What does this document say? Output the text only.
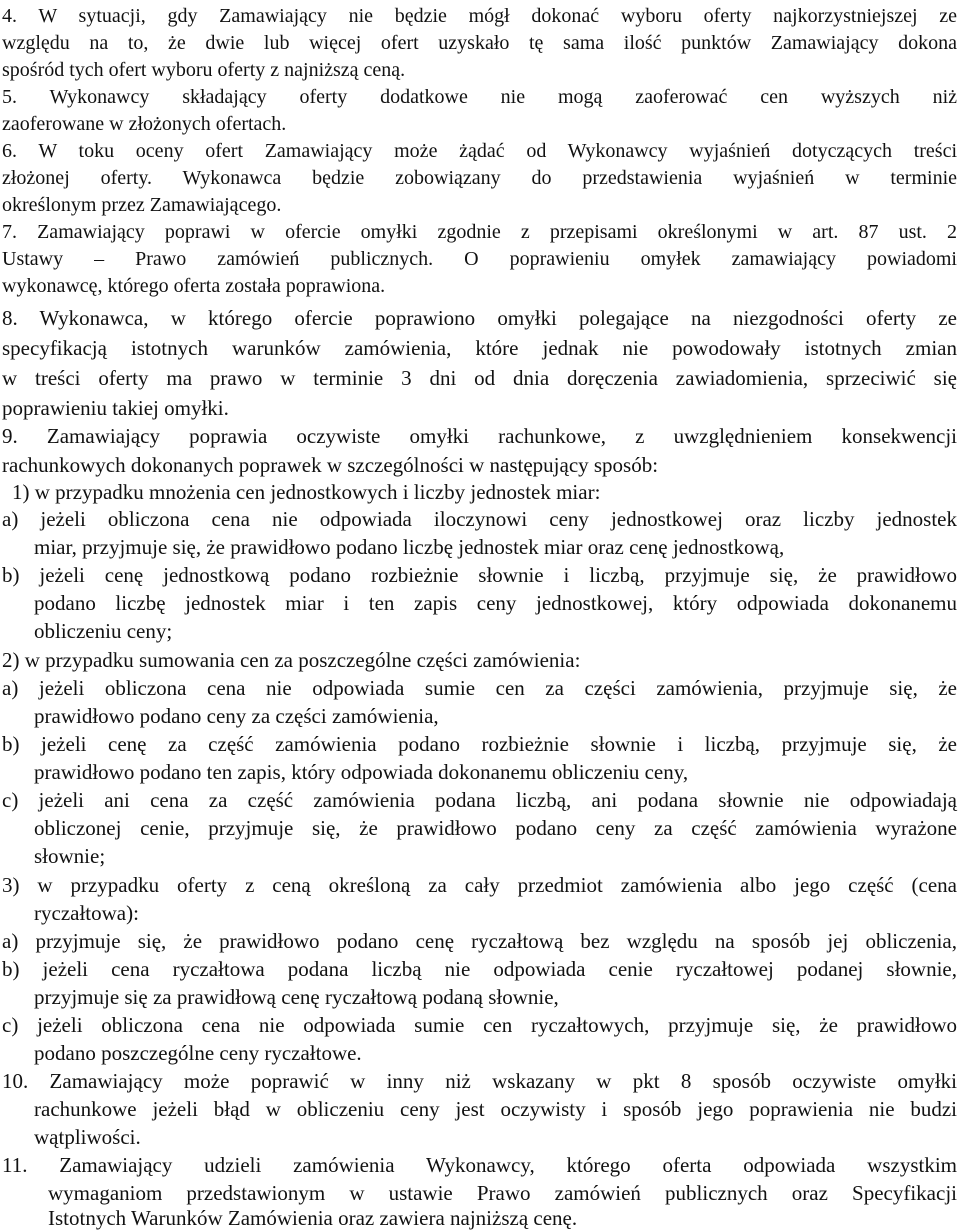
4. W sytuacji, gdy Zamawiający nie będzie mógł dokonać wyboru oferty najkorzystniejszej ze
względu na to, że dwie lub więcej ofert uzyskało tę sama ilość punktów Zamawiający dokona
spośród tych ofert wyboru oferty z najniższą ceną.
5. Wykonawcy składający oferty dodatkowe nie mogą zaoferować cen wyższych niż
zaoferowane w złożonych ofertach.
6. W toku oceny ofert Zamawiający może żądać od Wykonawcy wyjaśnień dotyczących treści
złożonej oferty. Wykonawca będzie zobowiązany do przedstawienia wyjaśnień w terminie
określonym przez Zamawiającego.
7. Zamawiający poprawi w ofercie omyłki zgodnie z przepisami określonymi w art. 87 ust. 2
Ustawy – Prawo zamówień publicznych. O poprawieniu omyłek zamawiający powiadomi
wykonawcę, którego oferta została poprawiona.
8. Wykonawca, w którego ofercie poprawiono omyłki polegające na niezgodności oferty ze
specyfikacją istotnych warunków zamówienia, które jednak nie powodowały istotnych zmian
w treści oferty ma prawo w terminie 3 dni od dnia doręczenia zawiadomienia, sprzeciwić się
poprawieniu takiej omyłki.
9. Zamawiający poprawia oczywiste omyłki rachunkowe, z uwzględnieniem konsekwencji
rachunkowych dokonanych poprawek w szczególności w następujący sposób:
1) w przypadku mnożenia cen jednostkowych i liczby jednostek miar:
a) jeżeli obliczona cena nie odpowiada iloczynowi ceny jednostkowej oraz liczby jednostek
miar, przyjmuje się, że prawidłowo podano liczbę jednostek miar oraz cenę jednostkową,
b) jeżeli cenę jednostkową podano rozbieżnie słownie i liczbą, przyjmuje się, że prawidłowo
podano liczbę jednostek miar i ten zapis ceny jednostkowej, który odpowiada dokonanemu
obliczeniu ceny;
2) w przypadku sumowania cen za poszczególne części zamówienia:
a) jeżeli obliczona cena nie odpowiada sumie cen za części zamówienia, przyjmuje się, że
prawidłowo podano ceny za części zamówienia,
b) jeżeli cenę za część zamówienia podano rozbieżnie słownie i liczbą, przyjmuje się, że
prawidłowo podano ten zapis, który odpowiada dokonanemu obliczeniu ceny,
c) jeżeli ani cena za część zamówienia podana liczbą, ani podana słownie nie odpowiadają
obliczonej cenie, przyjmuje się, że prawidłowo podano ceny za część zamówienia wyrażone
słownie;
3) w przypadku oferty z ceną określoną za cały przedmiot zamówienia albo jego część (cena
ryczałtowa):
a) przyjmuje się, że prawidłowo podano cenę ryczałtową bez względu na sposób jej obliczenia,
b) jeżeli cena ryczałtowa podana liczbą nie odpowiada cenie ryczałtowej podanej słownie,
przyjmuje się za prawidłową cenę ryczałtową podaną słownie,
c) jeżeli obliczona cena nie odpowiada sumie cen ryczałtowych, przyjmuje się, że prawidłowo
podano poszczególne ceny ryczałtowe.
10. Zamawiający może poprawić w inny niż wskazany w pkt 8 sposób oczywiste omyłki
rachunkowe jeżeli błąd w obliczeniu ceny jest oczywisty i sposób jego poprawienia nie budzi
wątpliwości.
11. Zamawiający udzieli zamówienia Wykonawcy, którego oferta odpowiada wszystkim
wymaganiom przedstawionym w ustawie Prawo zamówień publicznych oraz Specyfikacji
Istotnych Warunków Zamówienia oraz zawiera najniższą cenę.
